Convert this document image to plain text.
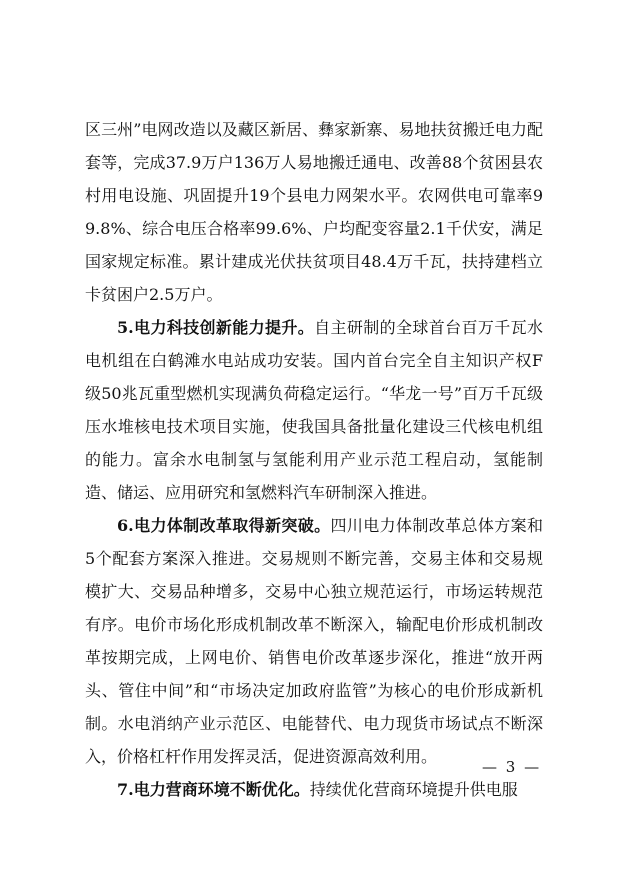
区三州”电网改造以及藏区新居、彝家新寨、易地扶贫搬迁电力配套等，完成37.9万户136万人易地搬迁通电、改善88个贫困县农村用电设施、巩固提升19个县电力网架水平。农网供电可靠率99.8%、综合电压合格率99.6%、户均配变容量2.1千伏安，满足国家规定标准。累计建成光伏扶贫项目48.4万千瓦，扶持建档立卡贫困户2.5万户。

5.电力科技创新能力提升。自主研制的全球首台百万千瓦水电机组在白鹤滩水电站成功安装。国内首台完全自主知识产权F级50兆瓦重型燃机实现满负荷稳定运行。“华龙一号”百万千瓦级压水堆核电技术项目实施，使我国具备批量化建设三代核电机组的能力。富余水电制氢与氢能利用产业示范工程启动，氢能制造、储运、应用研究和氢燃料汽车研制深入推进。

6.电力体制改革取得新突破。四川电力体制改革总体方案和5个配套方案深入推进。交易规则不断完善，交易主体和交易规模扩大、交易品种增多，交易中心独立规范运行，市场运转规范有序。电价市场化形成机制改革不断深入，输配电价形成机制改革按期完成，上网电价、销售电价改革逐步深化，推进“放开两头、管住中间”和“市场决定加政府监管”为核心的电价形成新机制。水电消纳产业示范区、电能替代、电力现货市场试点不断深入，价格杠杆作用发挥灵活，促进资源高效利用。

7.电力营商环境不断优化。持续优化营商环境提升供电服

— 3 —
